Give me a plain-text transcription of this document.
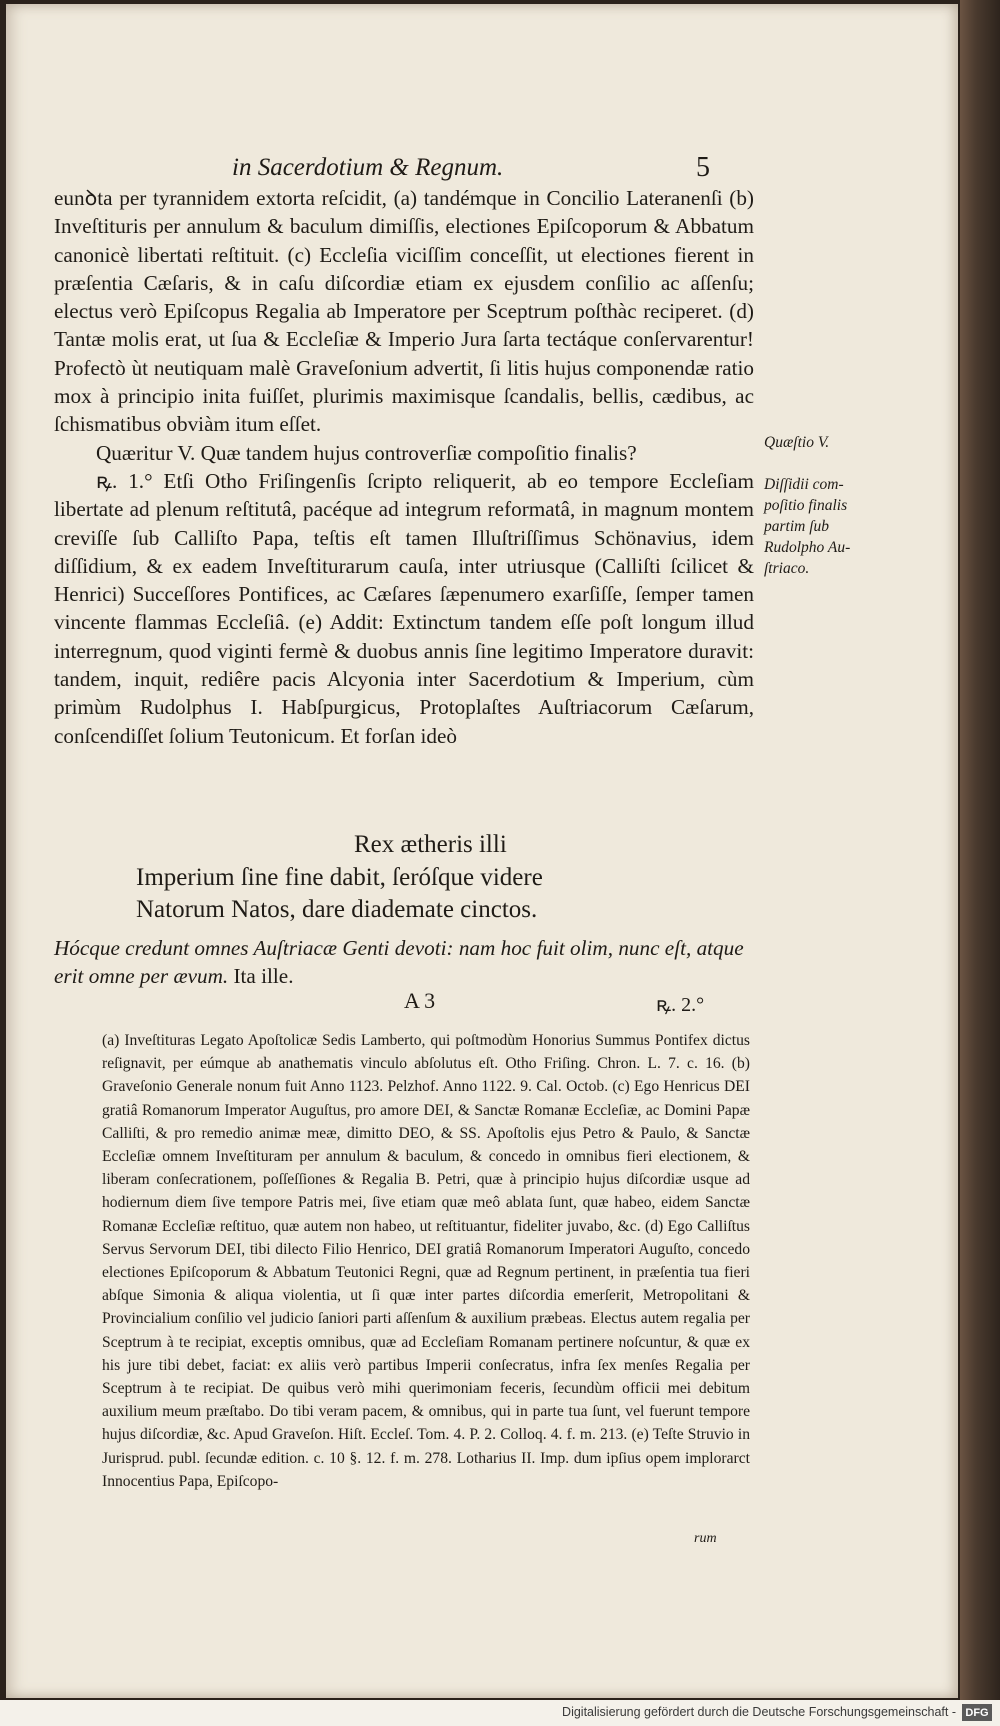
in Sacerdotium & Regnum.	5

eunꝺta per tyrannidem extorta reſcidit, (a) tandémque in Concilio Lateranenſi (b) Inveſtituris per annulum & baculum dimiſſis, electiones Epiſcoporum & Abbatum canonicè libertati reſtituit. (c) Eccleſia viciſſim conceſſit, ut electiones fierent in præſentia Cæſaris, & in caſu diſcordiæ etiam ex ejusdem conſilio ac aſſenſu; electus verò Epiſcopus Regalia ab Imperatore per Sceptrum poſthàc reciperet. (d) Tantæ molis erat, ut ſua & Eccleſiæ & Imperio Jura ſarta tectáque conſervarentur! Profectò ùt neutiquam malè Graveſonium advertit, ſi litis hujus componendæ ratio mox à principio inita fuiſſet, plurimis maximisque ſcandalis, bellis, cædibus, ac ſchismatibus obviàm itum eſſet.

Quæritur V. Quæ tandem hujus controverſiæ compoſitio finalis?

ꝶ. 1.° Etſi Otho Friſingenſis ſcripto reliquerit, ab eo tempore Eccleſiam libertate ad plenum reſtitutâ, pacéque ad integrum reformatâ, in magnum montem creviſſe ſub Calliſto Papa, teſtis eſt tamen Illuſtriſſimus Schönavius, idem diſſidium, & ex eadem Inveſtiturarum cauſa, inter utriusque (Calliſti ſcilicet & Henrici) Succeſſores Pontifices, ac Cæſares ſæpenumero exarſiſſe, ſemper tamen vincente flammas Eccleſiâ. (e) Addit: Extinctum tandem eſſe poſt longum illud interregnum, quod viginti fermè & duobus annis ſine legitimo Imperatore duravit: tandem, inquit, rediêre pacis Alcyonia inter Sacerdotium & Imperium, cùm primùm Rudolphus I. Habſpurgicus, Protoplaſtes Auſtriacorum Cæſarum, conſcendiſſet ſolium Teutonicum. Et forſan ideò

Quæſtio V.
Diſſidii com-
poſitio finalis
partim ſub
Rudolpho Au-
ſtriaco.
Rex ætheris illi
Imperium ſine fine dabit, ſeróſque videre
Natorum Natos, dare diademate cinctos.
Hócque credunt omnes Auſtriacæ Genti devoti: nam hoc fuit olim, nunc eſt, atque erit omne per ævum. Ita ille.
A 3	ꝶ. 2.°

(a) Inveſtituras Legato Apoſtolicæ Sedis Lamberto, qui poſtmodùm Honorius Summus Pontifex dictus reſignavit, per eúmque ab anathematis vinculo abſolutus eſt. Otho Friſing. Chron. L. 7. c. 16. (b) Graveſonio Generale nonum fuit Anno 1123. Pelzhof. Anno 1122. 9. Cal. Octob. (c) Ego Henricus DEI gratiâ Romanorum Imperator Auguſtus, pro amore DEI, & Sanctæ Romanæ Eccleſiæ, ac Domini Papæ Calliſti, & pro remedio animæ meæ, dimitto DEO, & SS. Apoſtolis ejus Petro & Paulo, & Sanctæ Eccleſiæ omnem Inveſtituram per annulum & baculum, & concedo in omnibus fieri electionem, & liberam conſecrationem, poſſeſſiones & Regalia B. Petri, quæ à principio hujus diſcordiæ usque ad hodiernum diem ſive tempore Patris mei, ſive etiam quæ meô ablata ſunt, quæ habeo, eidem Sanctæ Romanæ Eccleſiæ reſtituo, quæ autem non habeo, ut reſtituantur, fideliter juvabo, &c. (d) Ego Calliſtus Servus Servorum DEI, tibi dilecto Filio Henrico, DEI gratiâ Romanorum Imperatori Auguſto, concedo electiones Epiſcoporum & Abbatum Teutonici Regni, quæ ad Regnum pertinent, in præſentia tua fieri abſque Simonia & aliqua violentia, ut ſi quæ inter partes diſcordia emerſerit, Metropolitani & Provincialium conſilio vel judicio ſaniori parti aſſenſum & auxilium præbeas. Electus autem regalia per Sceptrum à te recipiat, exceptis omnibus, quæ ad Eccleſiam Romanam pertinere noſcuntur, & quæ ex his jure tibi debet, faciat: ex aliis verò partibus Imperii conſecratus, infra ſex menſes Regalia per Sceptrum à te recipiat. De quibus verò mihi querimoniam feceris, ſecundùm officii mei debitum auxilium meum præſtabo. Do tibi veram pacem, & omnibus, qui in parte tua ſunt, vel fuerunt tempore hujus diſcordiæ, &c. Apud Graveſon. Hiſt. Eccleſ. Tom. 4. P. 2. Colloq. 4. f. m. 213. (e) Teſte Struvio in Jurisprud. publ. ſecundæ edition. c. 10 §. 12. f. m. 278. Lotharius II. Imp. dum ipſius opem implorarct Innocentius Papa, Epiſcopo-

rum
Digitalisierung gefördert durch die Deutsche Forschungsgemeinschaft - DFG
